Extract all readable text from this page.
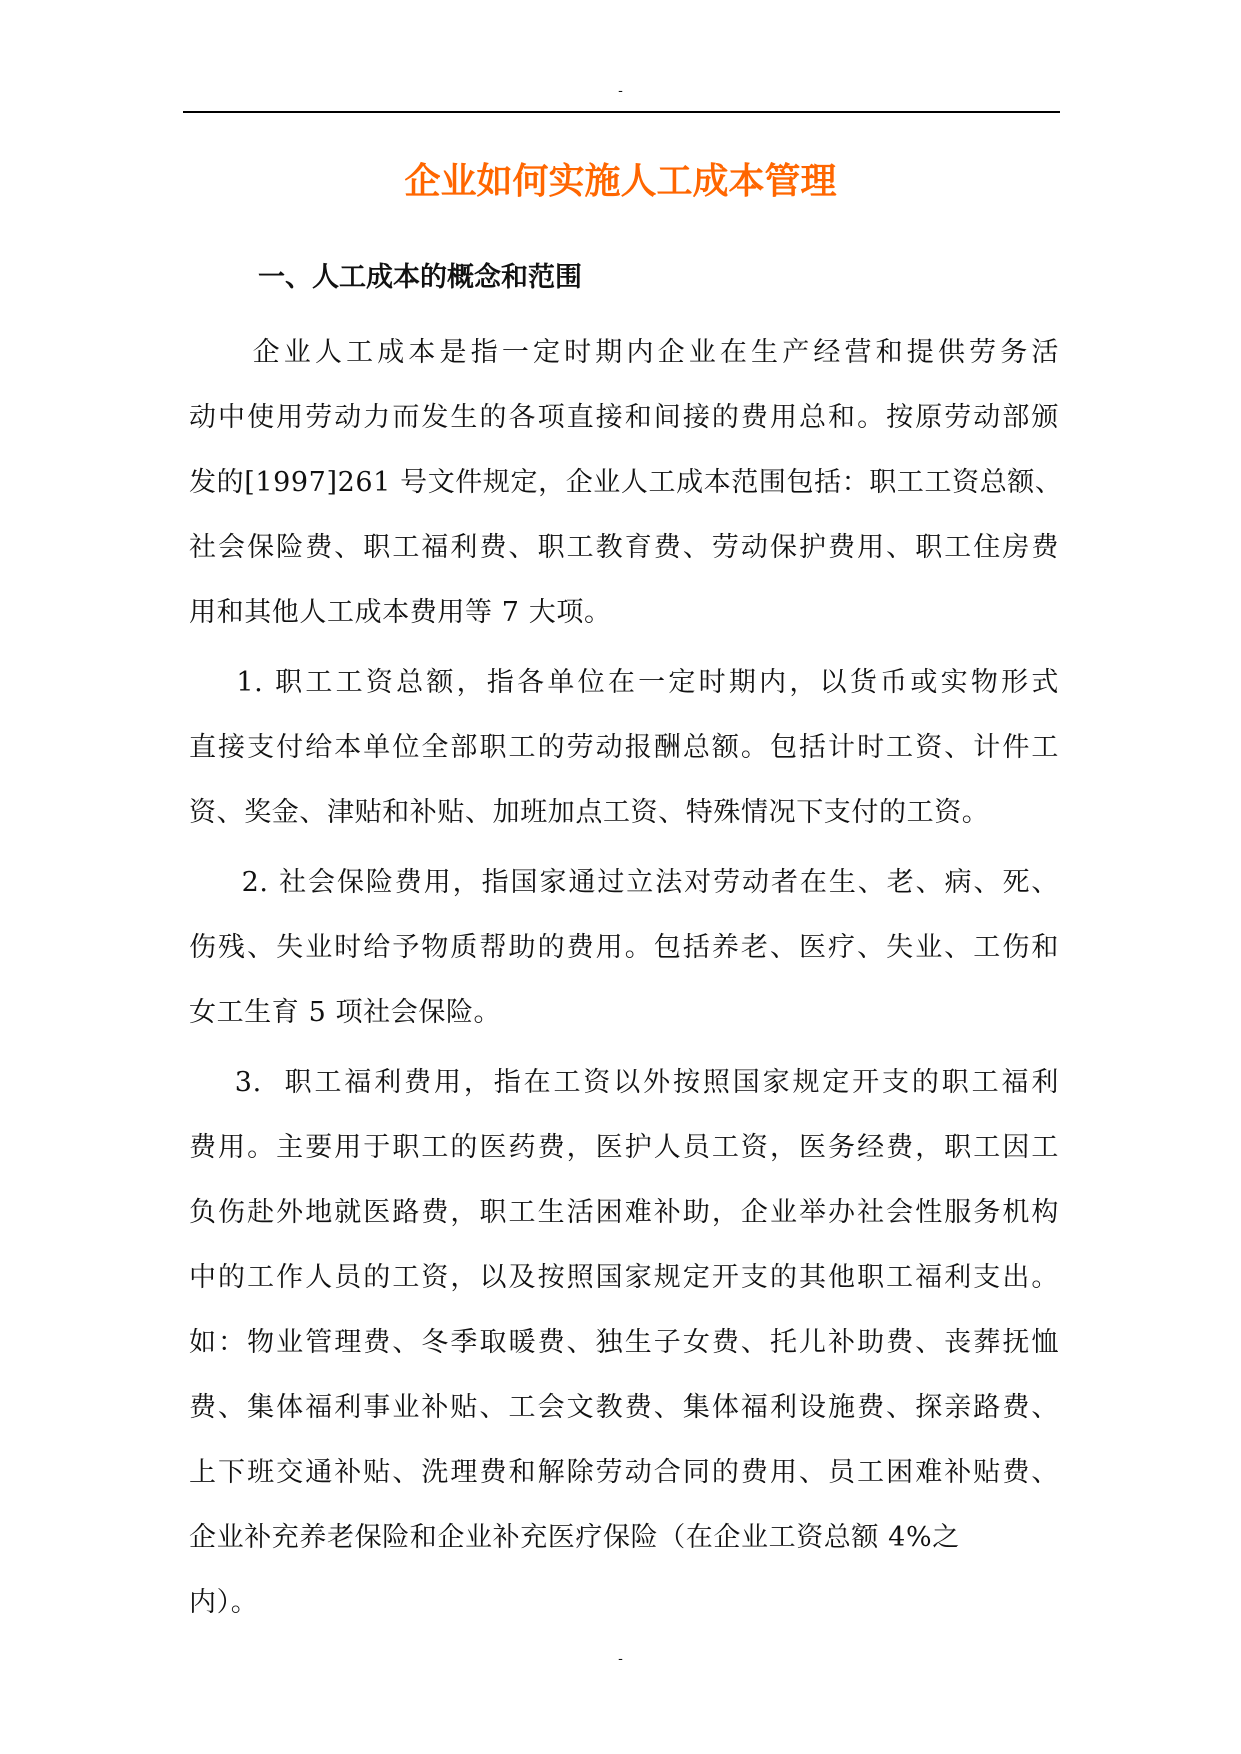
-
企业如何实施人工成本管理
一、人工成本的概念和范围
企业人工成本是指一定时期内企业在生产经营和提供劳务活
动中使用劳动力而发生的各项直接和间接的费用总和。按原劳动部颁
发的[1997]261 号文件规定，企业人工成本范围包括：职工工资总额、
社会保险费、职工福利费、职工教育费、劳动保护费用、职工住房费
用和其他人工成本费用等 7 大项。
1. 职工工资总额，指各单位在一定时期内，以货币或实物形式
直接支付给本单位全部职工的劳动报酬总额。包括计时工资、计件工
资、奖金、津贴和补贴、加班加点工资、特殊情况下支付的工资。
2. 社会保险费用，指国家通过立法对劳动者在生、老、病、死、
伤残、失业时给予物质帮助的费用。包括养老、医疗、失业、工伤和
女工生育 5 项社会保险。
3.  职工福利费用，指在工资以外按照国家规定开支的职工福利
费用。主要用于职工的医药费，医护人员工资，医务经费，职工因工
负伤赴外地就医路费，职工生活困难补助，企业举办社会性服务机构
中的工作人员的工资，以及按照国家规定开支的其他职工福利支出。
如：物业管理费、冬季取暖费、独生子女费、托儿补助费、丧葬抚恤
费、集体福利事业补贴、工会文教费、集体福利设施费、探亲路费、
上下班交通补贴、洗理费和解除劳动合同的费用、员工困难补贴费、
企业补充养老保险和企业补充医疗保险（在企业工资总额 4%之
内）。
-
